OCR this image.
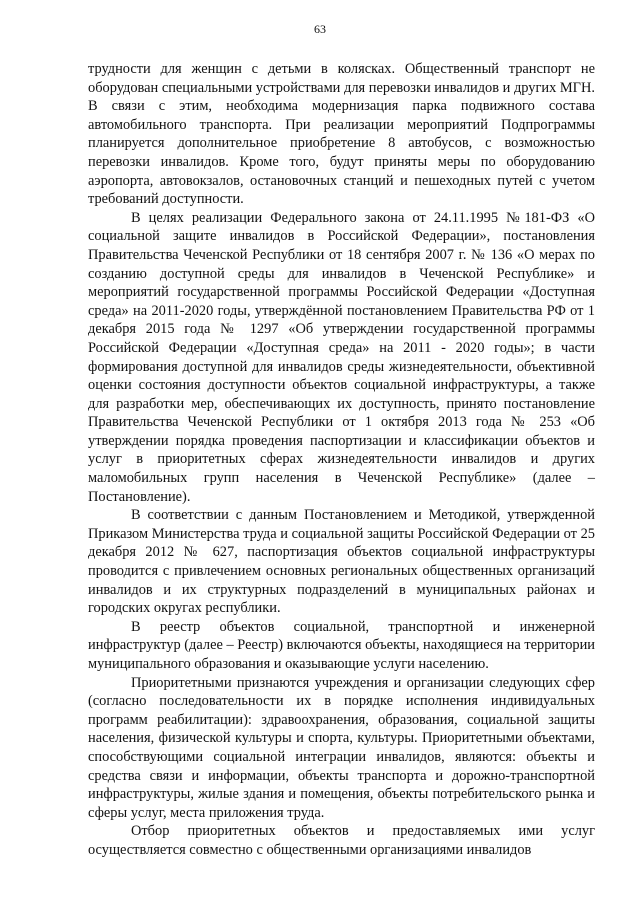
63

трудности для женщин с детьми в колясках. Общественный транспорт не оборудован специальными устройствами для перевозки инвалидов и других МГН. В связи с этим, необходима модернизация парка подвижного состава автомобильного транспорта. При реализации мероприятий Подпрограммы планируется дополнительное приобретение 8 автобусов, с возможностью перевозки инвалидов. Кроме того, будут приняты меры по оборудованию аэропорта, автовокзалов, остановочных станций и пешеходных путей с учетом требований доступности.

В целях реализации Федерального закона от 24.11.1995 №181-ФЗ «О социальной защите инвалидов в Российской Федерации», постановления Правительства Чеченской Республики от 18 сентября 2007 г. № 136 «О мерах по созданию доступной среды для инвалидов в Чеченской Республике» и мероприятий государственной программы Российской Федерации «Доступная среда» на 2011-2020 годы, утверждённой постановлением Правительства РФ от 1 декабря 2015 года № 1297 «Об утверждении государственной программы Российской Федерации «Доступная среда» на 2011 - 2020 годы»; в части формирования доступной для инвалидов среды жизнедеятельности, объективной оценки состояния доступности объектов социальной инфраструктуры, а также для разработки мер, обеспечивающих их доступность, принято постановление Правительства Чеченской Республики от 1 октября 2013 года № 253 «Об утверждении порядка проведения паспортизации и классификации объектов и услуг в приоритетных сферах жизнедеятельности инвалидов и других маломобильных групп населения в Чеченской Республике» (далее – Постановление).

В соответствии с данным Постановлением и Методикой, утвержденной Приказом Министерства труда и социальной защиты Российской Федерации от 25 декабря 2012 № 627, паспортизация объектов социальной инфраструктуры проводится с привлечением основных региональных общественных организаций инвалидов и их структурных подразделений в муниципальных районах и городских округах республики.

В реестр объектов социальной, транспортной и инженерной инфраструктур (далее – Реестр) включаются объекты, находящиеся на территории муниципального образования и оказывающие услуги населению.

Приоритетными признаются учреждения и организации следующих сфер (согласно последовательности их в порядке исполнения индивидуальных программ реабилитации): здравоохранения, образования, социальной защиты населения, физической культуры и спорта, культуры. Приоритетными объектами, способствующими социальной интеграции инвалидов, являются: объекты и средства связи и информации, объекты транспорта и дорожно-транспортной инфраструктуры, жилые здания и помещения, объекты потребительского рынка и сферы услуг, места приложения труда.

Отбор приоритетных объектов и предоставляемых ими услуг осуществляется совместно с общественными организациями инвалидов
